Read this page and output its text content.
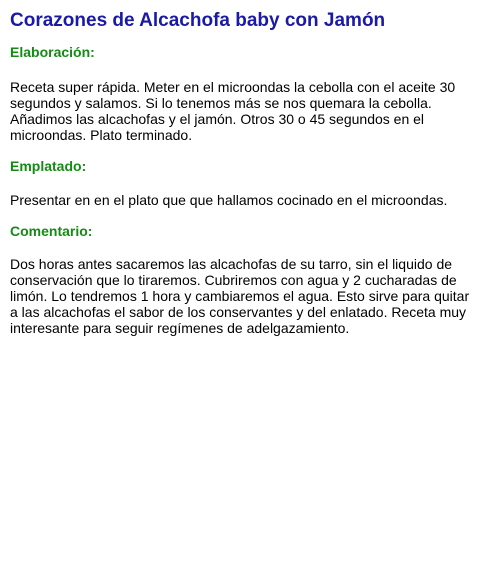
Corazones de Alcachofa baby con Jamón
Elaboración:

Receta super rápida. Meter en el microondas la cebolla con el aceite 30 segundos y salamos. Si lo tenemos más se nos quemara la cebolla. Añadimos las alcachofas y el jamón. Otros 30 o 45 segundos en el microondas. Plato terminado.

Emplatado:

Presentar en en el plato que que hallamos cocinado en el microondas.

Comentario:

Dos horas antes sacaremos las alcachofas de su tarro, sin el liquido de conservación que lo tiraremos. Cubriremos con agua y 2 cucharadas de limón. Lo tendremos 1 hora y cambiaremos el agua. Esto sirve para quitar a las alcachofas el sabor de los conservantes y del enlatado. Receta muy interesante para seguir regímenes de adelgazamiento.
